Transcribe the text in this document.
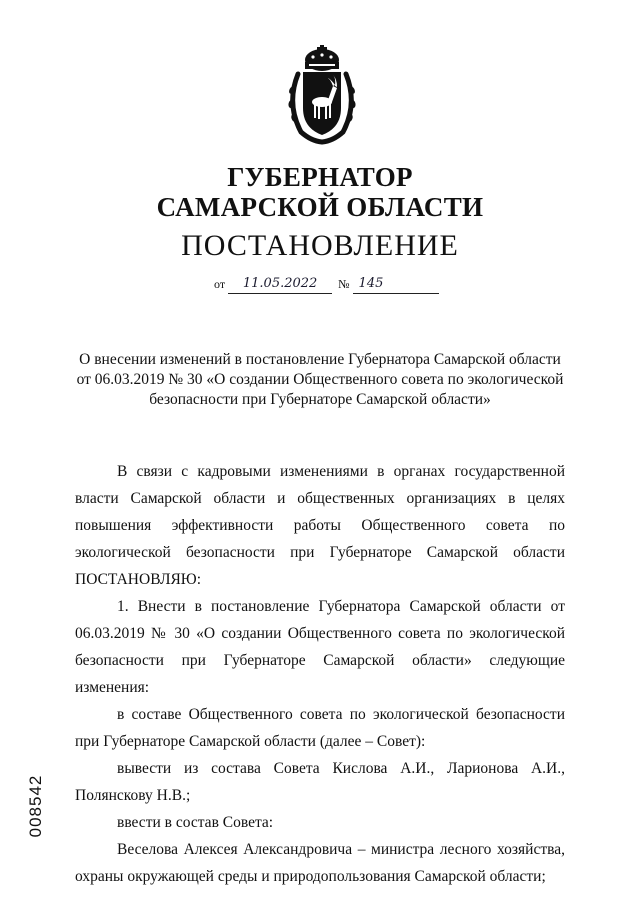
ГУБЕРНАТОР
САМАРСКОЙ ОБЛАСТИ
ПОСТАНОВЛЕНИЕ
от 11.05.2022 № 145
О внесении изменений в постановление Губернатора Самарской области
от 06.03.2019 № 30 «О создании Общественного совета по экологической
безопасности при Губернаторе Самарской области»
В связи с кадровыми изменениями в органах государственной власти Самарской области и общественных организациях в целях повышения эффективности работы Общественного совета по экологической безопасности при Губернаторе Самарской области ПОСТАНОВЛЯЮ:
1. Внести в постановление Губернатора Самарской области от 06.03.2019 № 30 «О создании Общественного совета по экологической безопасности при Губернаторе Самарской области» следующие изменения:
в составе Общественного совета по экологической безопасности при Губернаторе Самарской области (далее – Совет):
вывести из состава Совета Кислова А.И., Ларионова А.И., Полянскову Н.В.;
ввести в состав Совета:
Веселова Алексея Александровича – министра лесного хозяйства, охраны окружающей среды и природопользования Самарской области;
008542
